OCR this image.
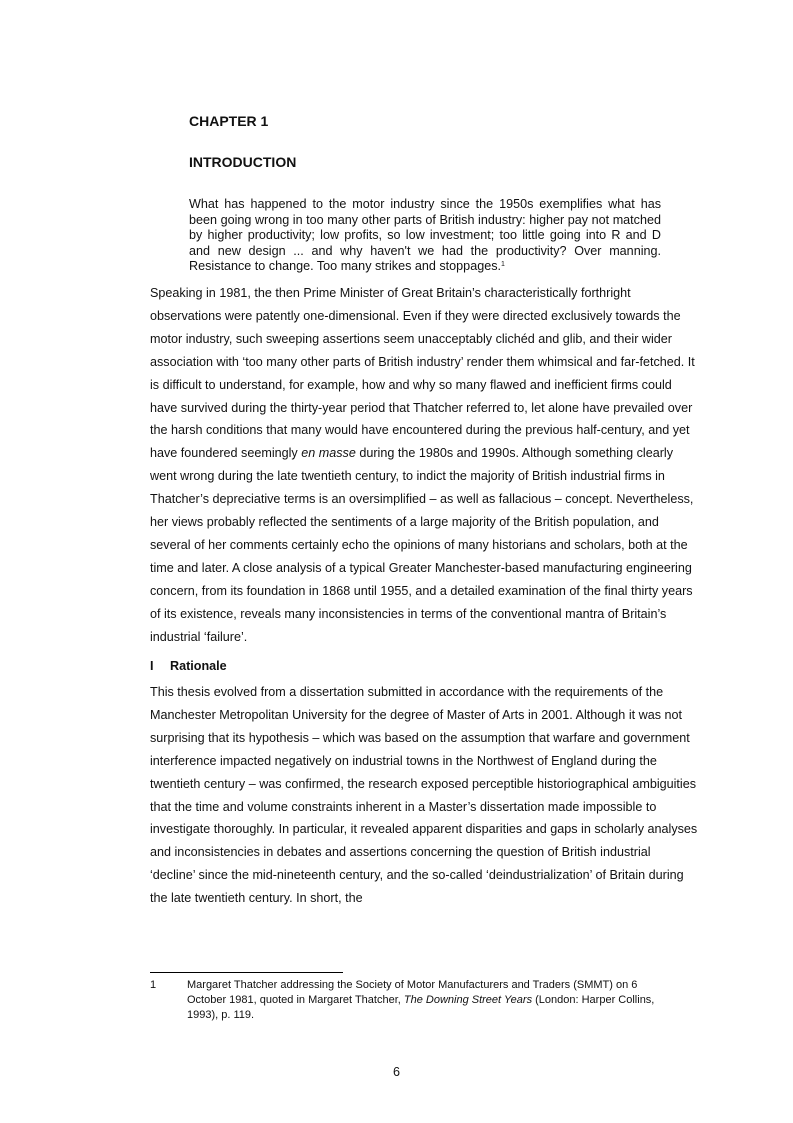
CHAPTER 1

INTRODUCTION

What has happened to the motor industry since the 1950s exemplifies what has been going wrong in too many other parts of British industry: higher pay not matched by higher productivity; low profits, so low investment; too little going into R and D and new design ... and why haven't we had the productivity? Over manning. Resistance to change. Too many strikes and stoppages.$^1$

Speaking in 1981, the then Prime Minister of Great Britain’s characteristically forthright observations were patently one-dimensional. Even if they were directed exclusively towards the motor industry, such sweeping assertions seem unacceptably clichéd and glib, and their wider association with ‘too many other parts of British industry’ render them whimsical and far-fetched. It is difficult to understand, for example, how and why so many flawed and inefficient firms could have survived during the thirty-year period that Thatcher referred to, let alone have prevailed over the harsh conditions that many would have encountered during the previous half-century, and yet have foundered seemingly en masse during the 1980s and 1990s. Although something clearly went wrong during the late twentieth century, to indict the majority of British industrial firms in Thatcher’s depreciative terms is an oversimplified – as well as fallacious – concept. Nevertheless, her views probably reflected the sentiments of a large majority of the British population, and several of her comments certainly echo the opinions of many historians and scholars, both at the time and later. A close analysis of a typical Greater Manchester-based manufacturing engineering concern, from its foundation in 1868 until 1955, and a detailed examination of the final thirty years of its existence, reveals many inconsistencies in terms of the conventional mantra of Britain’s industrial ‘failure’.

I Rationale

This thesis evolved from a dissertation submitted in accordance with the requirements of the Manchester Metropolitan University for the degree of Master of Arts in 2001. Although it was not surprising that its hypothesis – which was based on the assumption that warfare and government interference impacted negatively on industrial towns in the Northwest of England during the twentieth century – was confirmed, the research exposed perceptible historiographical ambiguities that the time and volume constraints inherent in a Master’s dissertation made impossible to investigate thoroughly. In particular, it revealed apparent disparities and gaps in scholarly analyses and inconsistencies in debates and assertions concerning the question of British industrial ‘decline’ since the mid-nineteenth century, and the so-called ‘deindustrialization’ of Britain during the late twentieth century. In short, the

1	Margaret Thatcher addressing the Society of Motor Manufacturers and Traders (SMMT) on 6 October 1981, quoted in Margaret Thatcher, The Downing Street Years (London: Harper Collins, 1993), p. 119.

6
